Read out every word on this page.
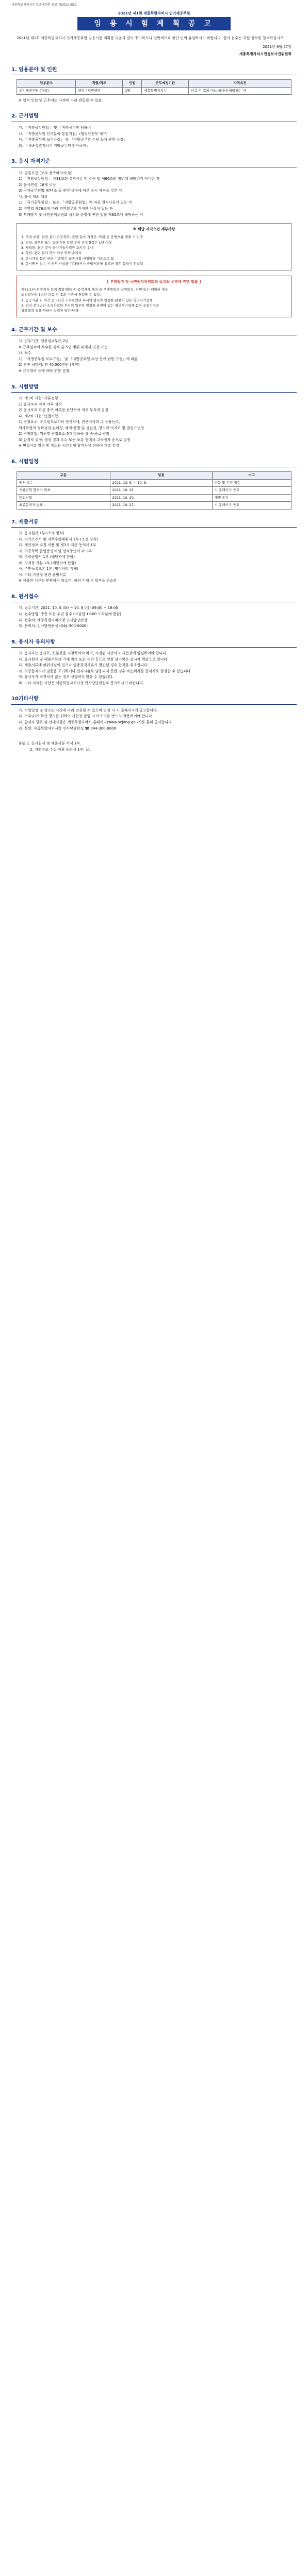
세종특별자치시민성보사건회 공고 제2021-95호
2021년 제1회 세종특별자치시 인기제공무원
임 용 시 험 계 획 공 고
2021년 제1회 세종특별자치시 인기제공무원 임용시험 계획을 다음과 같이 공고하오니 전반적으로 판단 편의 유념하시기 바랍니다. 원서 접수는 지원 정보를 참고하십시오.
2021년 9월 27일
세종특별자치시민성보사건위원회
1. 임용분야 및 인원
임용분야	직렬/직류	인원	근무예정기관	자격요건
인기제공무원 (가급)	행정 / 일반행정	1명	세종특별자치시	다음 각 호의 어느 하나에 해당하는 자
※ 합격 인원 및 근무지는 사정에 따라 변동될 수 있음
2. 근거법령
가. 「지방공무원법」 및 「지방공무원 임용령」
나. 「지방공무원 인사분야 통합지침」(행정안전부 예규)
다. 「지방공무원 보수규정」 및 「지방공무원 수당 등에 관한 규정」
라. 「세종특별자치시 지방공무원 인사규칙」
3. 응시 자격기준
가. 공통요건 (모두 충족하여야 함)
1) 「지방공무원법」 제31조의 결격사유 및 같은 법 제66조의 정년에 해당하지 아니한 자
2) 응시연령: 18세 이상
3) 국가공무원법 제74조 등 관련 규정에 따른 응시 자격을 갖춘 자
나. 응시 제외 대상
1) 「국가공무원법」 또는 「지방공무원법」에 따른 결격사유가 있는 자
2) 병역법 제76조에 따라 병역의무를 기피한 사실이 있는 자
3) 부패방지 및 국민권익위원회 설치와 운영에 관한 법률 제82조에 해당하는 자
※ 해당 자격요건 세부사항
1. 가점 대상: 관련 분야 근무경력, 관련 분야 자격증, 학위 등 증빙서류 제출 시 인정
2. 경력: 공무원 또는 공공기관 동일 분야 근무경력은 1년 이상
3. 자격증: 관련 분야 국가기술자격증 소지자 우대
4. 학위: 관련 분야 학사 이상 학위 소지자
5. 응시자격 등의 판단 기준일은 최종시험 예정일을 기준으로 함
6. 응시원서 접수 시 허위 사실을 기재하거나 증빙서류를 위조한 경우 합격이 취소됨
【 부패방지 및 국민권익위원회의 설치와 운영에 관한 법률 】
제82조(비위면직자 등의 취업제한) ① 공직자가 재직 중 부패행위로 당연퇴직, 파면 또는 해임된 경우
퇴직일부터 5년간 다음 각 호의 기관에 취업할 수 없다.
1. 공공기관 2. 퇴직 전 5년간 소속하였던 부서의 업무와 밀접한 관련이 있는 영리사기업체
3. 퇴직 전 5년간 소속하였던 부서의 업무와 밀접한 관련이 있는 영리사기업체 등의 공동이익과
상호협력 등을 위하여 설립된 법인·단체
4. 근무기간 및 보수
가. 근무기간: 임용일로부터 2년
※ 근무실적이 우수한 경우 총 5년 범위 내에서 연장 가능
나. 보수
1) 「지방공무원 보수규정」 및 「지방공무원 수당 등에 관한 규정」에 따름
2) 연봉 하한액: 연 40,000천원 (세전)
※ 근무경력 등에 따라 연봉 결정
5. 시험방법
가. 제1차 시험: 서류전형
1) 응시자격 적격 여부 심사
2) 응시자격 요건 충족 여부를 판단하여 적격·부적격 결정
나. 제2차 시험: 면접시험
1) 평정요소: 공무원으로서의 정신자세, 전문지식과 그 응용능력,
의사표현의 정확성과 논리성, 예의·품행 및 성실성, 창의력·의지력 및 발전가능성
2) 평정방법: 위원별 평정요소 5개 항목을 상·중·하로 평정
3) 합격자 결정: 평정 결과 우수 또는 보통 중에서 고득점자 순으로 결정
※ 면접시험 일정 및 장소는 서류전형 합격자에 한하여 개별 통지
6. 시험일정
구분	일정	비고
원서 접수	2021. 10. 5. ~ 10. 8.	방문 및 우편 접수
서류전형 합격자 발표	2021. 10. 15.	시 홈페이지 공고
면접시험	2021. 10. 20.	개별 통지
최종합격자 발표	2021. 10. 27.	시 홈페이지 공고
7. 제출서류
가. 응시원서 1부 (소정 양식)
나. 자기소개서 및 직무수행계획서 1부 (소정 양식)
다. 개인정보 수집·이용 및 제3자 제공 동의서 1부
라. 최종학력 졸업증명서 및 성적증명서 각 1부
마. 경력증명서 1부 (해당자에 한함)
바. 자격증 사본 1부 (해당자에 한함)
사. 주민등록초본 1부 (병적사항 기재)
아. 기타 가산점 관련 증빙서류
※ 제출된 서류는 반환하지 않으며, 허위 기재 시 합격을 취소함
8. 원서접수
가. 접수기간: 2021. 10. 5.(화) ~ 10. 8.(금) 09:00 ~ 18:00
나. 접수방법: 방문 또는 우편 접수 (마감일 18:00 도착분에 한함)
다. 접수처: 세종특별자치시청 인사담당관실
라. 문의처: 인사담당관실 (044-300-0000)
9. 응시자 유의사항
가. 응시자는 응시표, 신분증을 지참하여야 하며, 지정된 시간까지 시험장에 입실하여야 합니다.
나. 응시원서 및 제출서류의 기재 착오 또는 누락 등으로 인한 불이익은 응시자 책임으로 합니다.
다. 제출서류에 허위사실이 있거나 임용결격사유가 발견된 경우 합격을 취소합니다.
라. 최종합격자가 임용을 포기하거나 결격사유로 임용되지 못한 경우 차순위자를 합격자로 결정할 수 있습니다.
마. 응시자가 적격자가 없는 경우 선발하지 않을 수 있습니다.
바. 기타 자세한 사항은 세종특별자치시청 인사담당관실로 문의하시기 바랍니다.
10.기타사항
가. 시험일정 및 장소는 사정에 따라 변경될 수 있으며 변경 시 시 홈페이지에 공고합니다.
나. 코로나19 확산 방지를 위하여 시험장 출입 시 마스크를 반드시 착용하여야 합니다.
다. 합격자 발표 및 안내사항은 세종특별자치시 홈페이지(www.sejong.go.kr)를 통해 공지합니다.
라. 문의: 세종특별자치시청 인사담당관실 ☎ 044-300-0000
붙임 1. 응시원서 및 제출서류 서식 1부.
2. 개인정보 수집·이용 동의서 1부. 끝.
